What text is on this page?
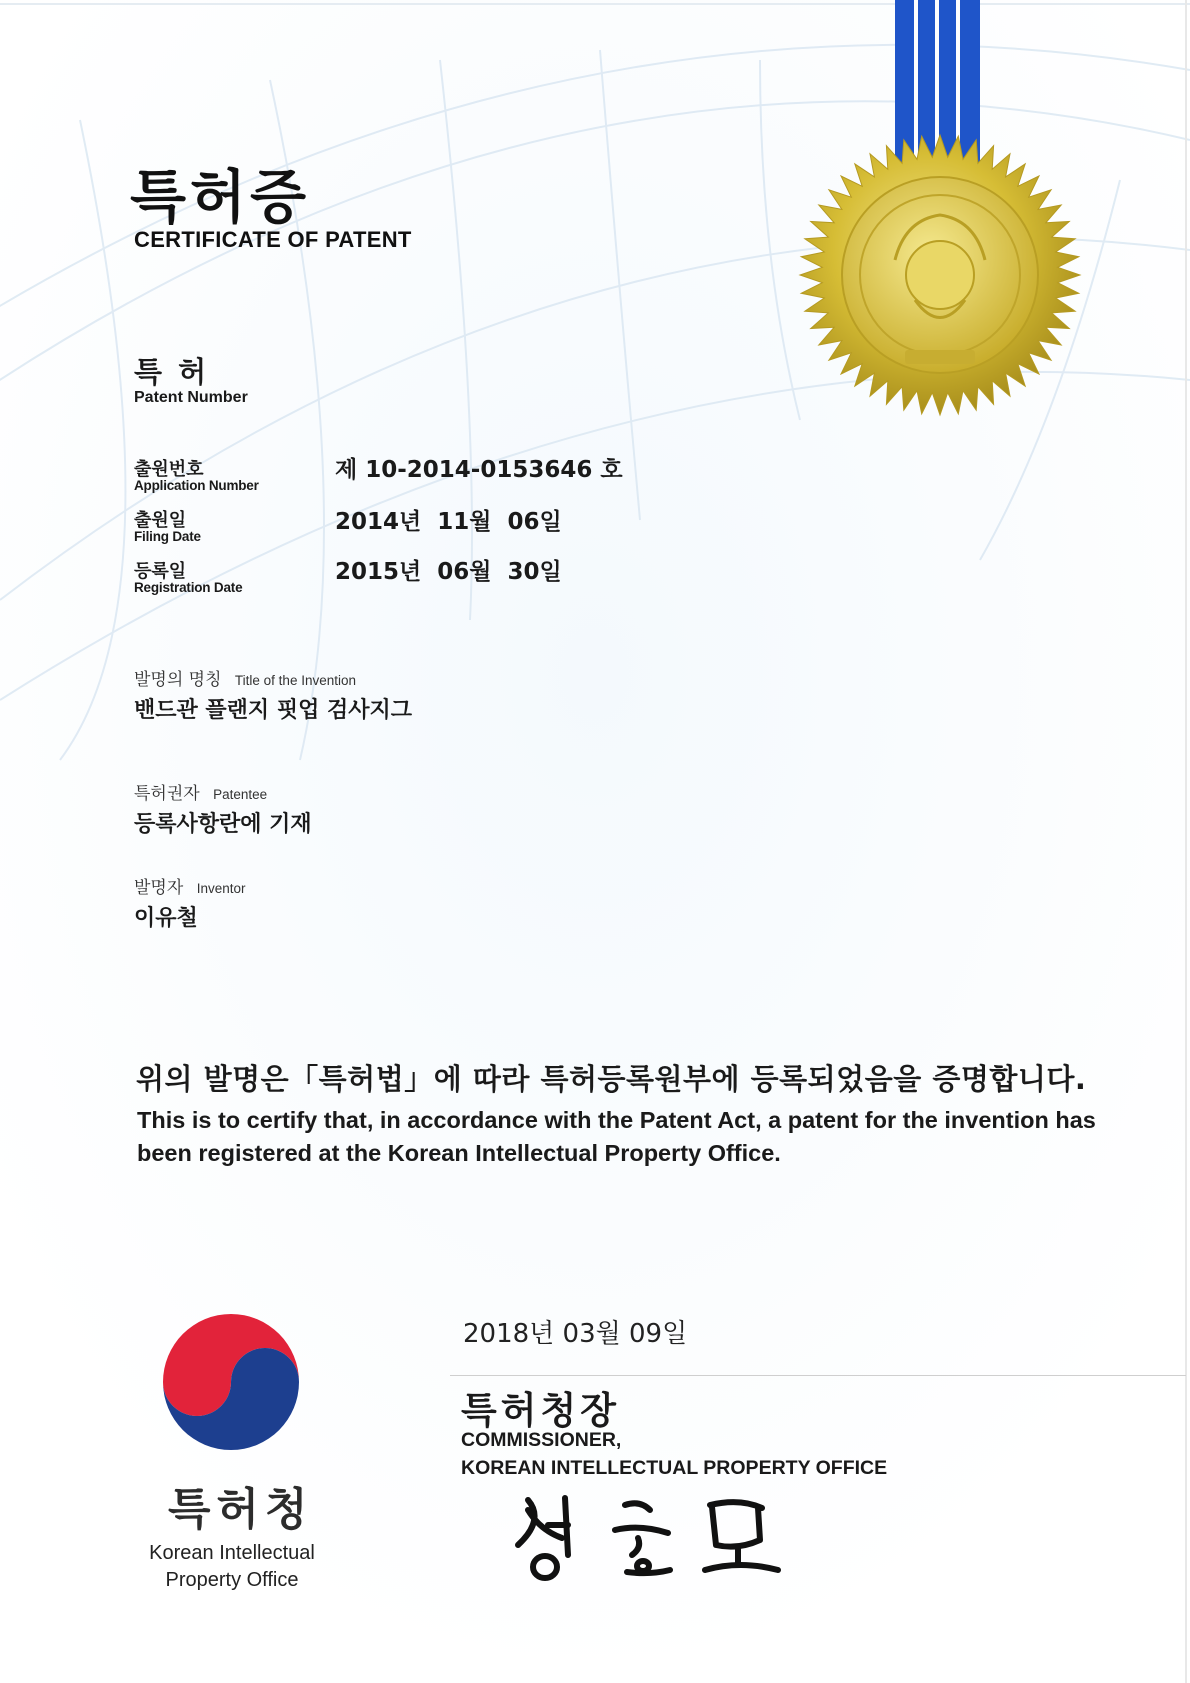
특허증
CERTIFICATE OF PATENT
특 허
Patent Number
출원번호
Application Number
제 10-2014-0153646 호
출원일
Filing Date
2014년  11월  06일
등록일
Registration Date
2015년  06월  30일
발명의 명칭 Title of the Invention
밴드관 플랜지 핏업 검사지그
특허권자 Patentee
등록사항란에 기재
발명자 Inventor
이유철
위의 발명은「특허법」에 따라 특허등록원부에 등록되었음을 증명합니다.
This is to certify that, in accordance with the Patent Act, a patent for the invention has been registered at the Korean Intellectual Property Office.
2018년 03월 09일
특허청장
COMMISSIONER,
KOREAN INTELLECTUAL PROPERTY OFFICE
특허청
Korean Intellectual Property Office
